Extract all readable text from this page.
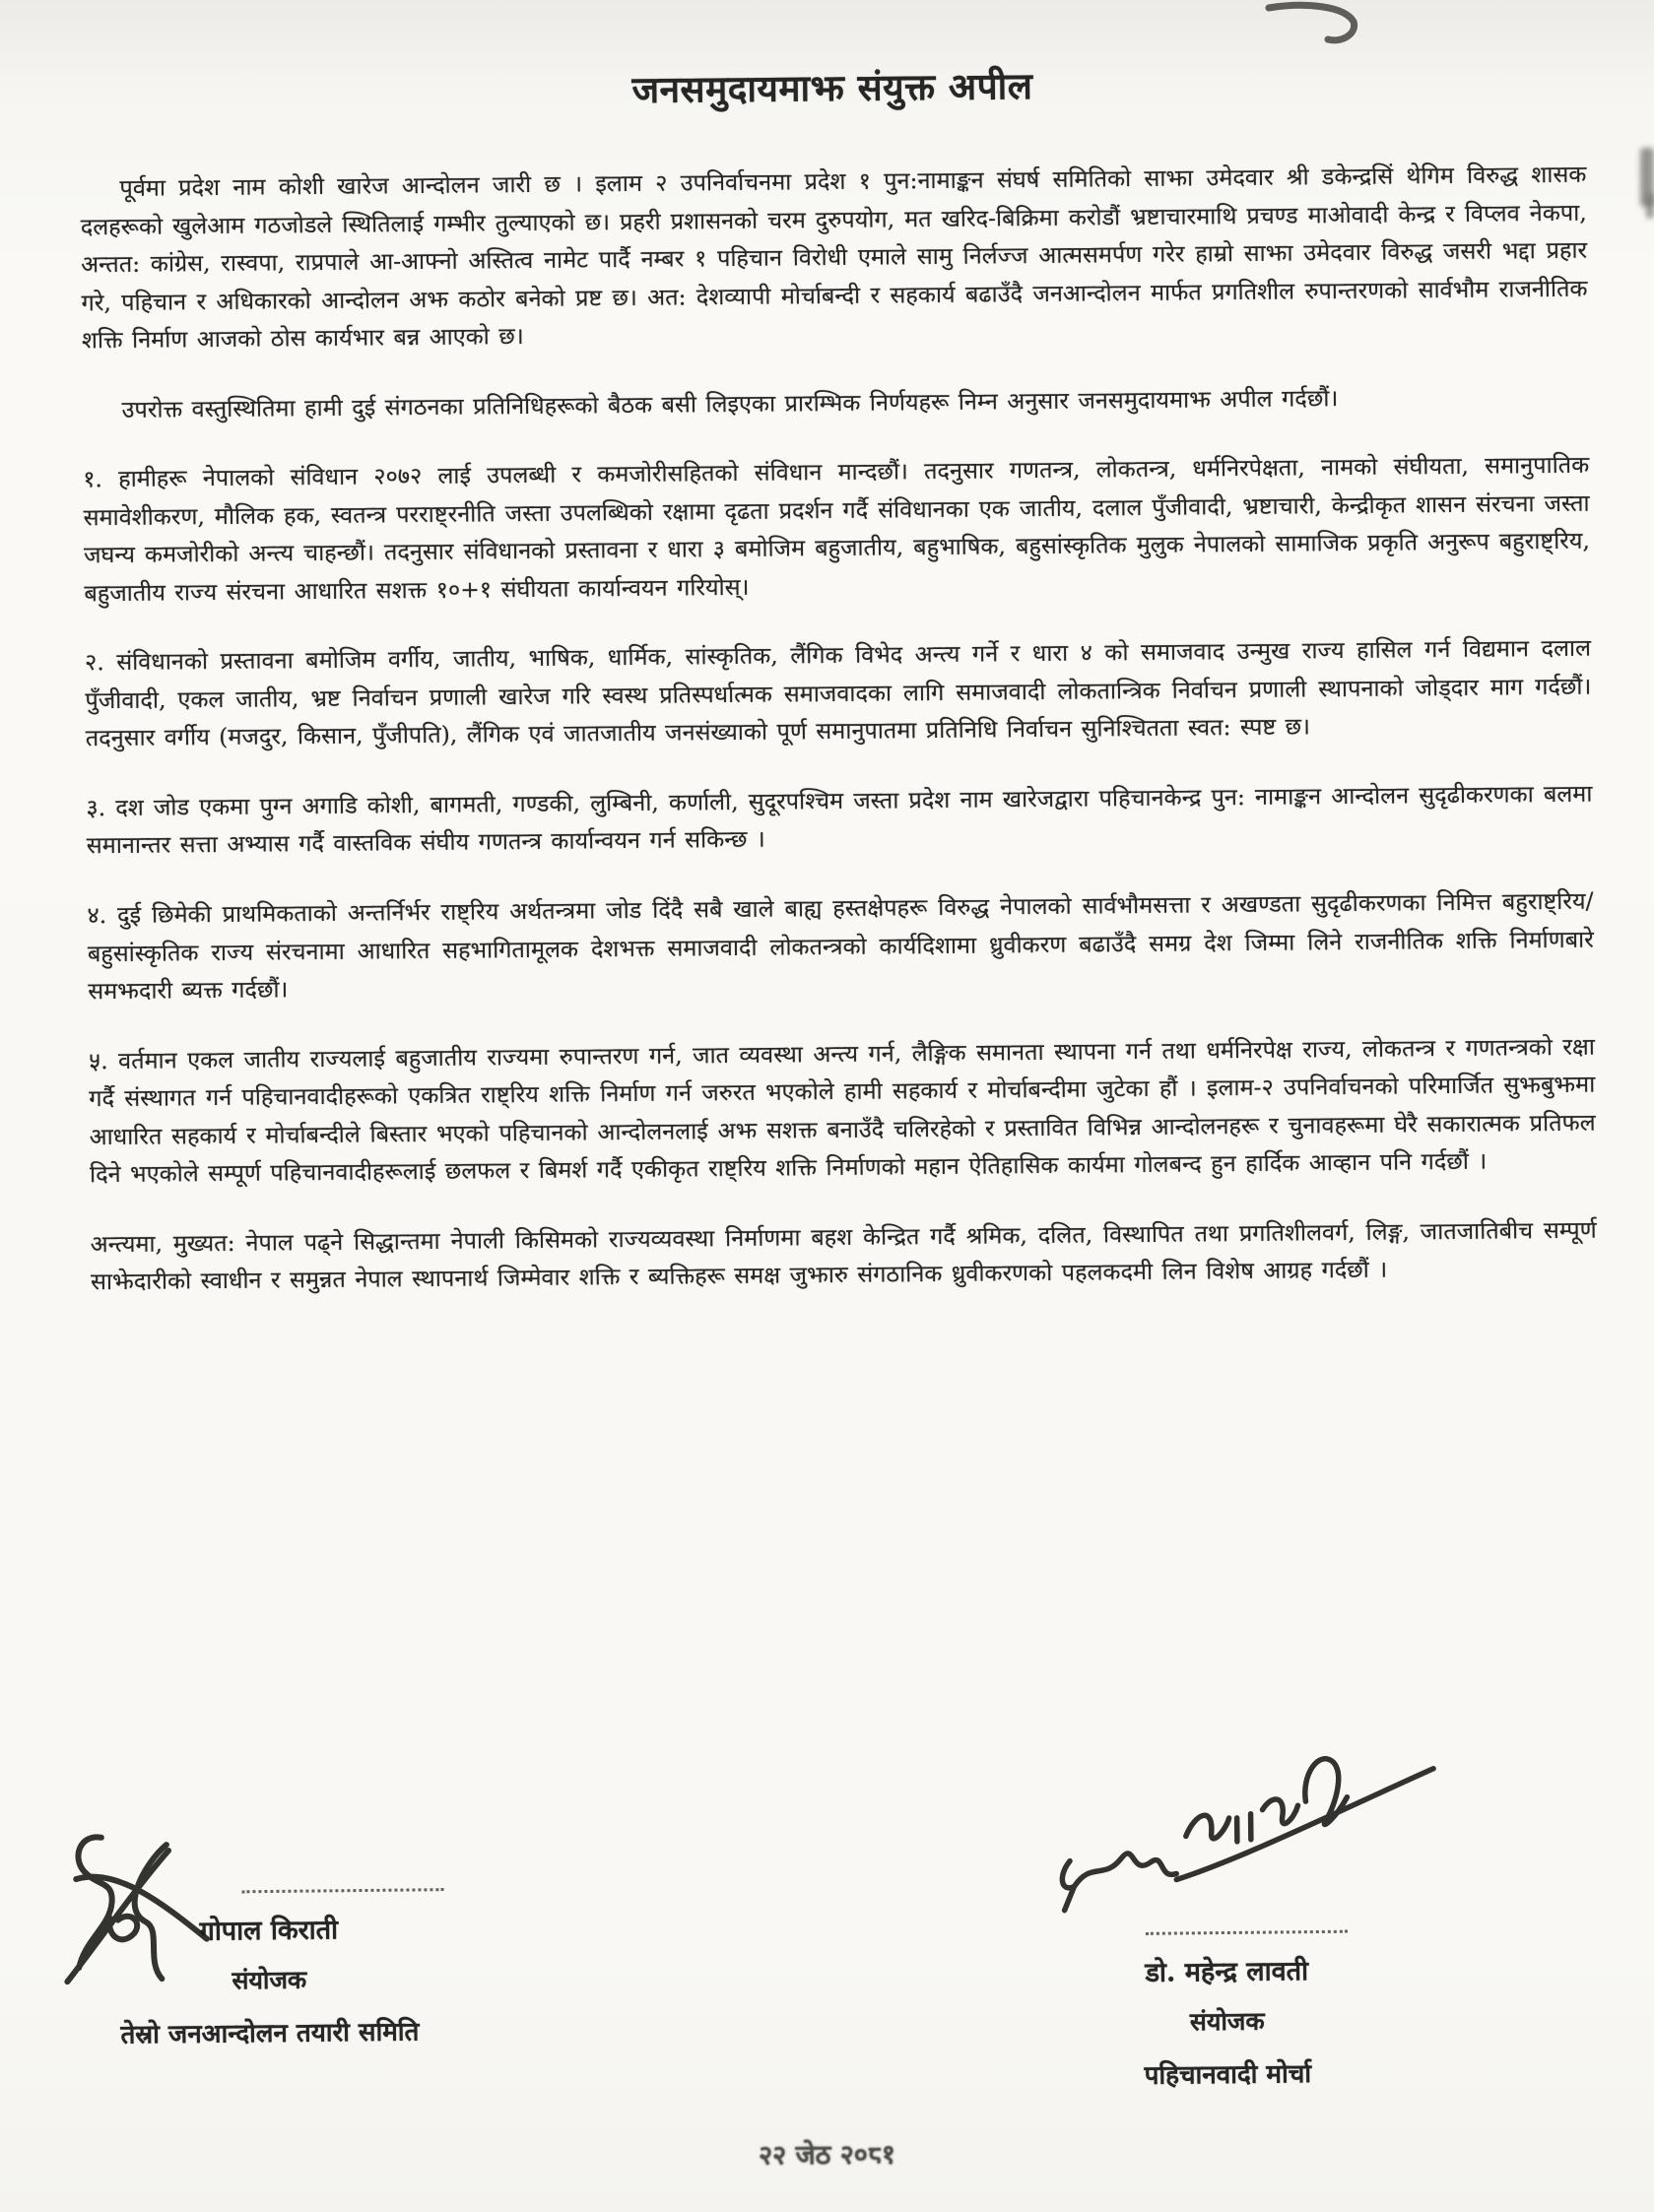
जनसमुदायमाझ संयुक्त अपील

पूर्वमा प्रदेश नाम कोशी खारेज आन्दोलन जारी छ । इलाम २ उपनिर्वाचनमा प्रदेश १ पुन:नामाङ्कन संघर्ष समितिको साझा उमेदवार श्री डकेन्द्रसिं थेगिम विरुद्ध शासक दलहरूको खुलेआम गठजोडले स्थितिलाई गम्भीर तुल्याएको छ। प्रहरी प्रशासनको चरम दुरुपयोग, मत खरिद-बिक्रिमा करोडौं भ्रष्टाचारमाथि प्रचण्ड माओवादी केन्द्र र विप्लव नेकपा, अन्तत: कांग्रेस, रास्वपा, राप्रपाले आ-आफ्नो अस्तित्व नामेट पार्दै नम्बर १ पहिचान विरोधी एमाले सामु निर्लज्ज आत्मसमर्पण गरेर हाम्रो साझा उमेदवार विरुद्ध जसरी भद्दा प्रहार गरे, पहिचान र अधिकारको आन्दोलन अझ कठोर बनेको प्रष्ट छ। अत: देशव्यापी मोर्चाबन्दी र सहकार्य बढाउँदै जनआन्दोलन मार्फत प्रगतिशील रुपान्तरणको सार्वभौम राजनीतिक शक्ति निर्माण आजको ठोस कार्यभार बन्न आएको छ।

उपरोक्त वस्तुस्थितिमा हामी दुई संगठनका प्रतिनिधिहरूको बैठक बसी लिइएका प्रारम्भिक निर्णयहरू निम्न अनुसार जनसमुदायमाझ अपील गर्दछौं।

१. हामीहरू नेपालको संविधान २०७२ लाई उपलब्धी र कमजोरीसहितको संविधान मान्दछौं। तदनुसार गणतन्त्र, लोकतन्त्र, धर्मनिरपेक्षता, नामको संघीयता, समानुपातिक समावेशीकरण, मौलिक हक, स्वतन्त्र परराष्ट्रनीति जस्ता उपलब्धिको रक्षामा दृढता प्रदर्शन गर्दै संविधानका एक जातीय, दलाल पुँजीवादी, भ्रष्टाचारी, केन्द्रीकृत शासन संरचना जस्ता जघन्य कमजोरीको अन्त्य चाहन्छौं। तदनुसार संविधानको प्रस्तावना र धारा ३ बमोजिम बहुजातीय, बहुभाषिक, बहुसांस्कृतिक मुलुक नेपालको सामाजिक प्रकृति अनुरूप बहुराष्ट्रिय, बहुजातीय राज्य संरचना आधारित सशक्त १०+१ संघीयता कार्यान्वयन गरियोस्।

२. संविधानको प्रस्तावना बमोजिम वर्गीय, जातीय, भाषिक, धार्मिक, सांस्कृतिक, लैंगिक विभेद अन्त्य गर्ने र धारा ४ को समाजवाद उन्मुख राज्य हासिल गर्न विद्यमान दलाल पुँजीवादी, एकल जातीय, भ्रष्ट निर्वाचन प्रणाली खारेज गरि स्वस्थ प्रतिस्पर्धात्मक समाजवादका लागि समाजवादी लोकतान्त्रिक निर्वाचन प्रणाली स्थापनाको जोड्दार माग गर्दछौं। तदनुसार वर्गीय (मजदुर, किसान, पुँजीपति), लैंगिक एवं जातजातीय जनसंख्याको पूर्ण समानुपातमा प्रतिनिधि निर्वाचन सुनिश्चितता स्वत: स्पष्ट छ।

३. दश जोड एकमा पुग्न अगाडि कोशी, बागमती, गण्डकी, लुम्बिनी, कर्णाली, सुदूरपश्चिम जस्ता प्रदेश नाम खारेजद्वारा पहिचानकेन्द्र पुन: नामाङ्कन आन्दोलन सुदृढीकरणका बलमा समानान्तर सत्ता अभ्यास गर्दै वास्तविक संघीय गणतन्त्र कार्यान्वयन गर्न सकिन्छ ।

४. दुई छिमेकी प्राथमिकताको अन्तर्निर्भर राष्ट्रिय अर्थतन्त्रमा जोड दिंदै सबै खाले बाह्य हस्तक्षेपहरू विरुद्ध नेपालको सार्वभौमसत्ता र अखण्डता सुदृढीकरणका निमित्त बहुराष्ट्रिय/बहुसांस्कृतिक राज्य संरचनामा आधारित सहभागितामूलक देशभक्त समाजवादी लोकतन्त्रको कार्यदिशामा ध्रुवीकरण बढाउँदै समग्र देश जिम्मा लिने राजनीतिक शक्ति निर्माणबारे समझदारी ब्यक्त गर्दछौं।

५. वर्तमान एकल जातीय राज्यलाई बहुजातीय राज्यमा रुपान्तरण गर्न, जात व्यवस्था अन्त्य गर्न, लैङ्गिक समानता स्थापना गर्न तथा धर्मनिरपेक्ष राज्य, लोकतन्त्र र गणतन्त्रको रक्षा गर्दै संस्थागत गर्न पहिचानवादीहरूको एकत्रित राष्ट्रिय शक्ति निर्माण गर्न जरुरत भएकोले हामी सहकार्य र मोर्चाबन्दीमा जुटेका हौं । इलाम-२ उपनिर्वाचनको परिमार्जित सुझबुझमा आधारित सहकार्य र मोर्चाबन्दीले बिस्तार भएको पहिचानको आन्दोलनलाई अझ सशक्त बनाउँदै चलिरहेको र प्रस्तावित विभिन्न आन्दोलनहरू र चुनावहरूमा घेरै सकारात्मक प्रतिफल दिने भएकोले सम्पूर्ण पहिचानवादीहरूलाई छलफल र बिमर्श गर्दै एकीकृत राष्ट्रिय शक्ति निर्माणको महान ऐतिहासिक कार्यमा गोलबन्द हुन हार्दिक आव्हान पनि गर्दछौं ।

अन्त्यमा, मुख्यत: नेपाल पढ्ने सिद्धान्तमा नेपाली किसिमको राज्यव्यवस्था निर्माणमा बहश केन्द्रित गर्दै श्रमिक, दलित, विस्थापित तथा प्रगतिशीलवर्ग, लिङ्ग, जातजातिबीच सम्पूर्ण साझेदारीको स्वाधीन र समुन्नत नेपाल स्थापनार्थ जिम्मेवार शक्ति र ब्यक्तिहरू समक्ष जुझारु संगठानिक ध्रुवीकरणको पहलकदमी लिन विशेष आग्रह गर्दछौं ।

गोपाल किराती
संयोजक
तेस्रो जनआन्दोलन तयारी समिति
डो. महेन्द्र लावती
संयोजक
पहिचानवादी मोर्चा
२२ जेठ २०८१
